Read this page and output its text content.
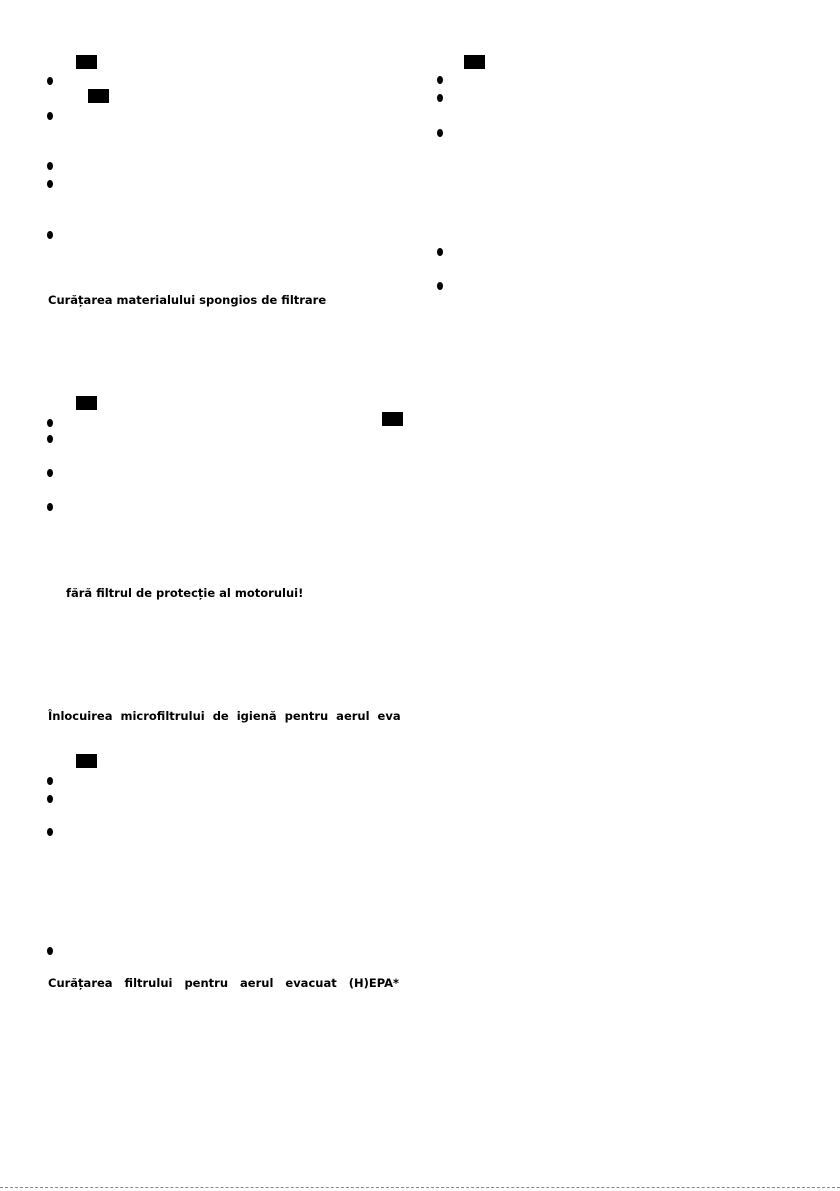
Curățarea materialului spongios de filtrare
fără filtrul de protecție al motorului!
Înlocuirea microfiltrului de igienă pentru aerul eva
Curățarea filtrului pentru aerul evacuat (H)EPA*
